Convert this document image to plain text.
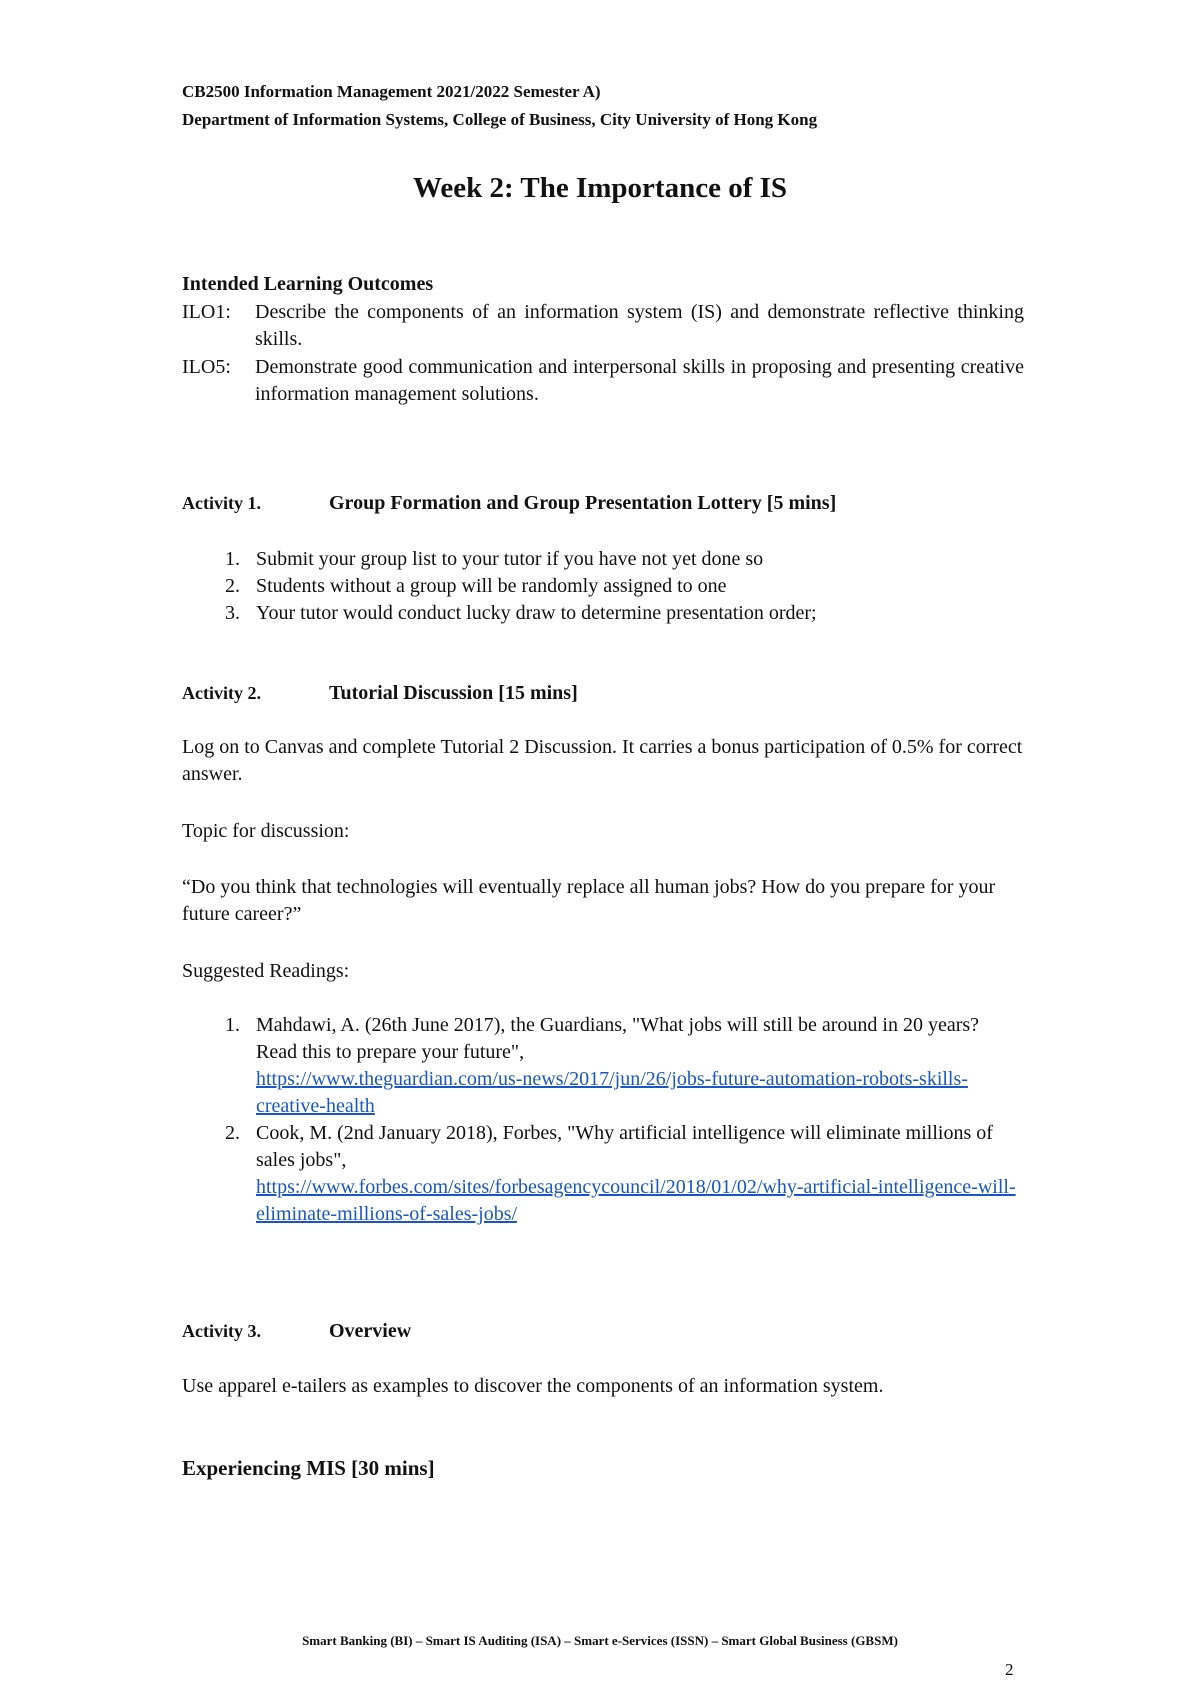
CB2500 Information Management 2021/2022 Semester A)
Department of Information Systems, College of Business, City University of Hong Kong
Week 2: The Importance of IS
Intended Learning Outcomes
ILO1:	Describe the components of an information system (IS) and demonstrate reflective thinking skills.
ILO5:	Demonstrate good communication and interpersonal skills in proposing and presenting creative information management solutions.
Activity 1.	Group Formation and Group Presentation Lottery [5 mins]
1. Submit your group list to your tutor if you have not yet done so
2. Students without a group will be randomly assigned to one
3. Your tutor would conduct lucky draw to determine presentation order;
Activity 2.	Tutorial Discussion [15 mins]
Log on to Canvas and complete Tutorial 2 Discussion. It carries a bonus participation of 0.5% for correct answer.
Topic for discussion:
“Do you think that technologies will eventually replace all human jobs? How do you prepare for your future career?”
Suggested Readings:
1. Mahdawi, A. (26th June 2017), the Guardians, "What jobs will still be around in 20 years? Read this to prepare your future",
https://www.theguardian.com/us-news/2017/jun/26/jobs-future-automation-robots-skills-creative-health
2. Cook, M. (2nd January 2018), Forbes, "Why artificial intelligence will eliminate millions of sales jobs",
https://www.forbes.com/sites/forbesagencycouncil/2018/01/02/why-artificial-intelligence-will-eliminate-millions-of-sales-jobs/
Activity 3.	Overview
Use apparel e-tailers as examples to discover the components of an information system.
Experiencing MIS [30 mins]
Smart Banking (BI) – Smart IS Auditing (ISA) – Smart e-Services (ISSN) – Smart Global Business (GBSM)
2
